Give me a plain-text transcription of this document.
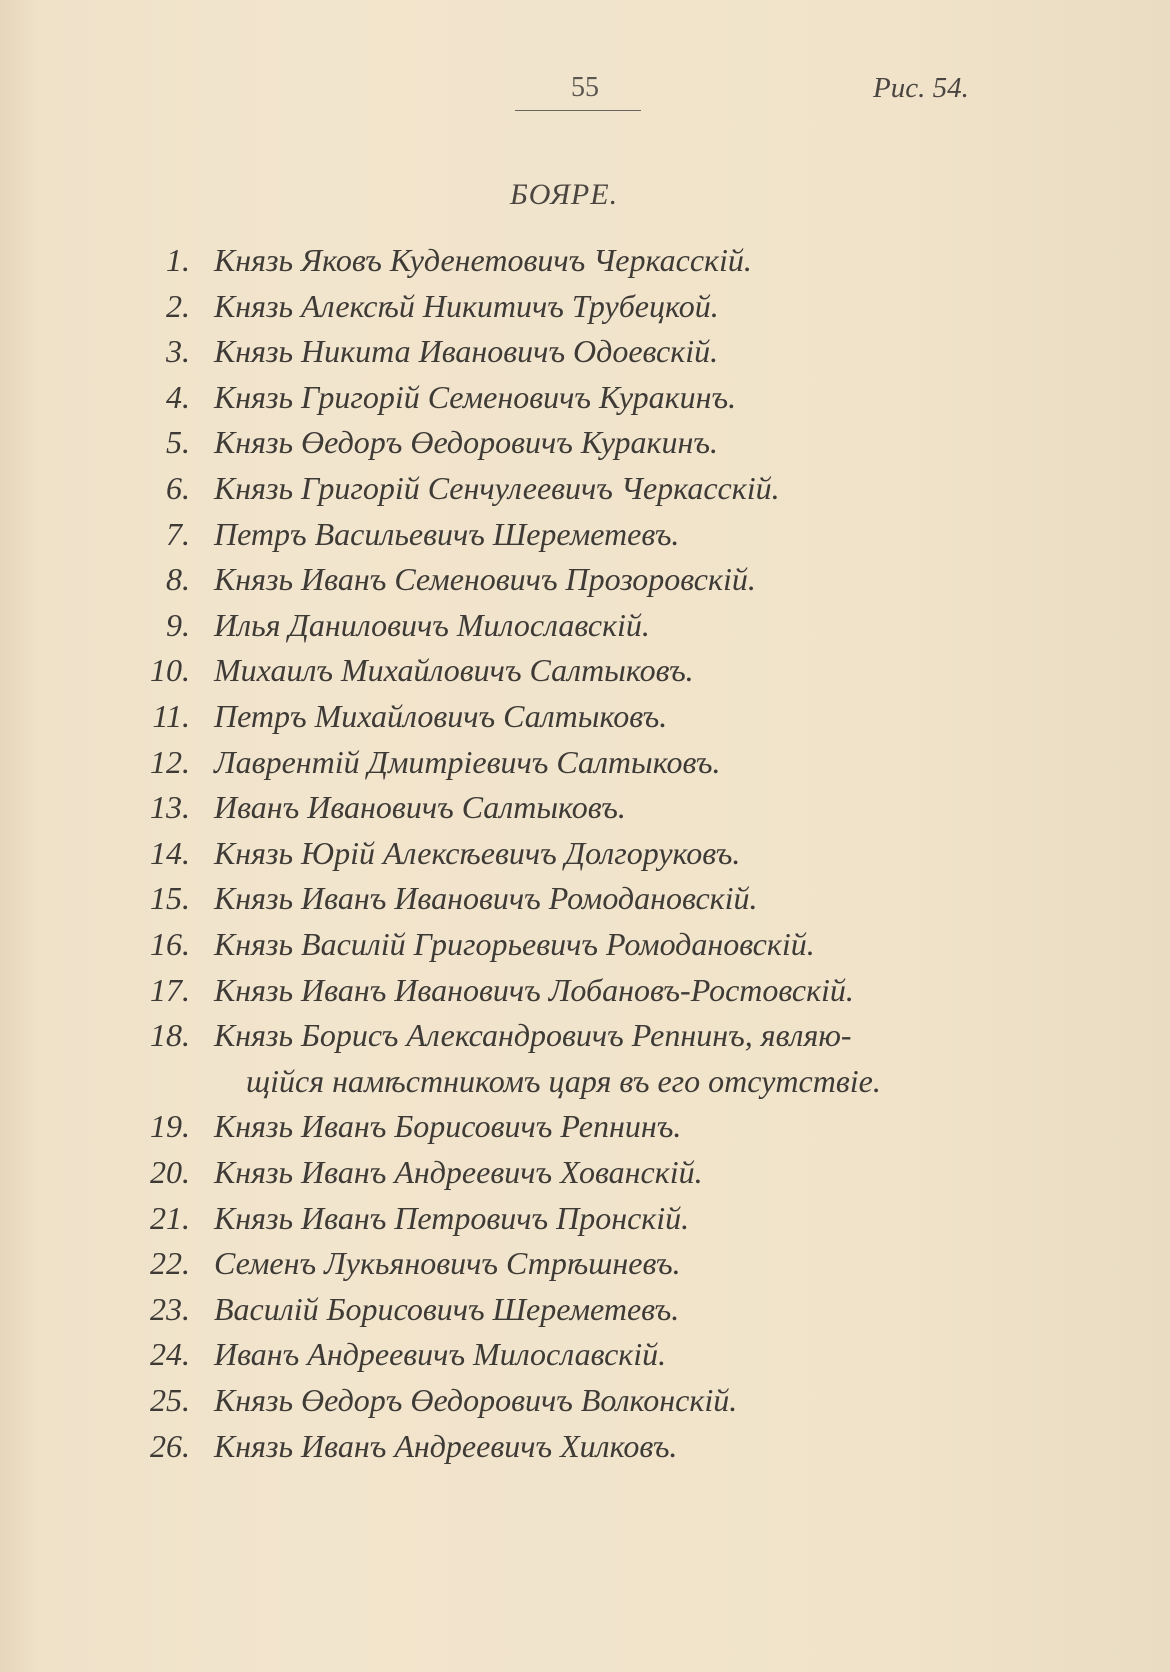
55	Рис. 54.
БОЯРЕ.
1. Князь Яковъ Куденетовичъ Черкасскій.
2. Князь Алексѣй Никитичъ Трубецкой.
3. Князь Никита Ивановичъ Одоевскій.
4. Князь Григорій Семеновичъ Куракинъ.
5. Князь Өедоръ Өедоровичъ Куракинъ.
6. Князь Григорій Сенчулеевичъ Черкасскій.
7. Петръ Васильевичъ Шереметевъ.
8. Князь Иванъ Семеновичъ Прозоровскій.
9. Илья Даниловичъ Милославскій.
10. Михаилъ Михайловичъ Салтыковъ.
11. Петръ Михайловичъ Салтыковъ.
12. Лаврентій Дмитріевичъ Салтыковъ.
13. Иванъ Ивановичъ Салтыковъ.
14. Князь Юрій Алексѣевичъ Долгоруковъ.
15. Князь Иванъ Ивановичъ Ромодановскій.
16. Князь Василій Григорьевичъ Ромодановскій.
17. Князь Иванъ Ивановичъ Лобановъ-Ростовскій.
18. Князь Борисъ Александровичъ Репнинъ, являю-
щійся намѣстникомъ царя въ его отсутствіе.
19. Князь Иванъ Борисовичъ Репнинъ.
20. Князь Иванъ Андреевичъ Хованскій.
21. Князь Иванъ Петровичъ Пронскій.
22. Семенъ Лукьяновичъ Стрѣшневъ.
23. Василій Борисовичъ Шереметевъ.
24. Иванъ Андреевичъ Милославскій.
25. Князь Өедоръ Өедоровичъ Волконскій.
26. Князь Иванъ Андреевичъ Хилковъ.
